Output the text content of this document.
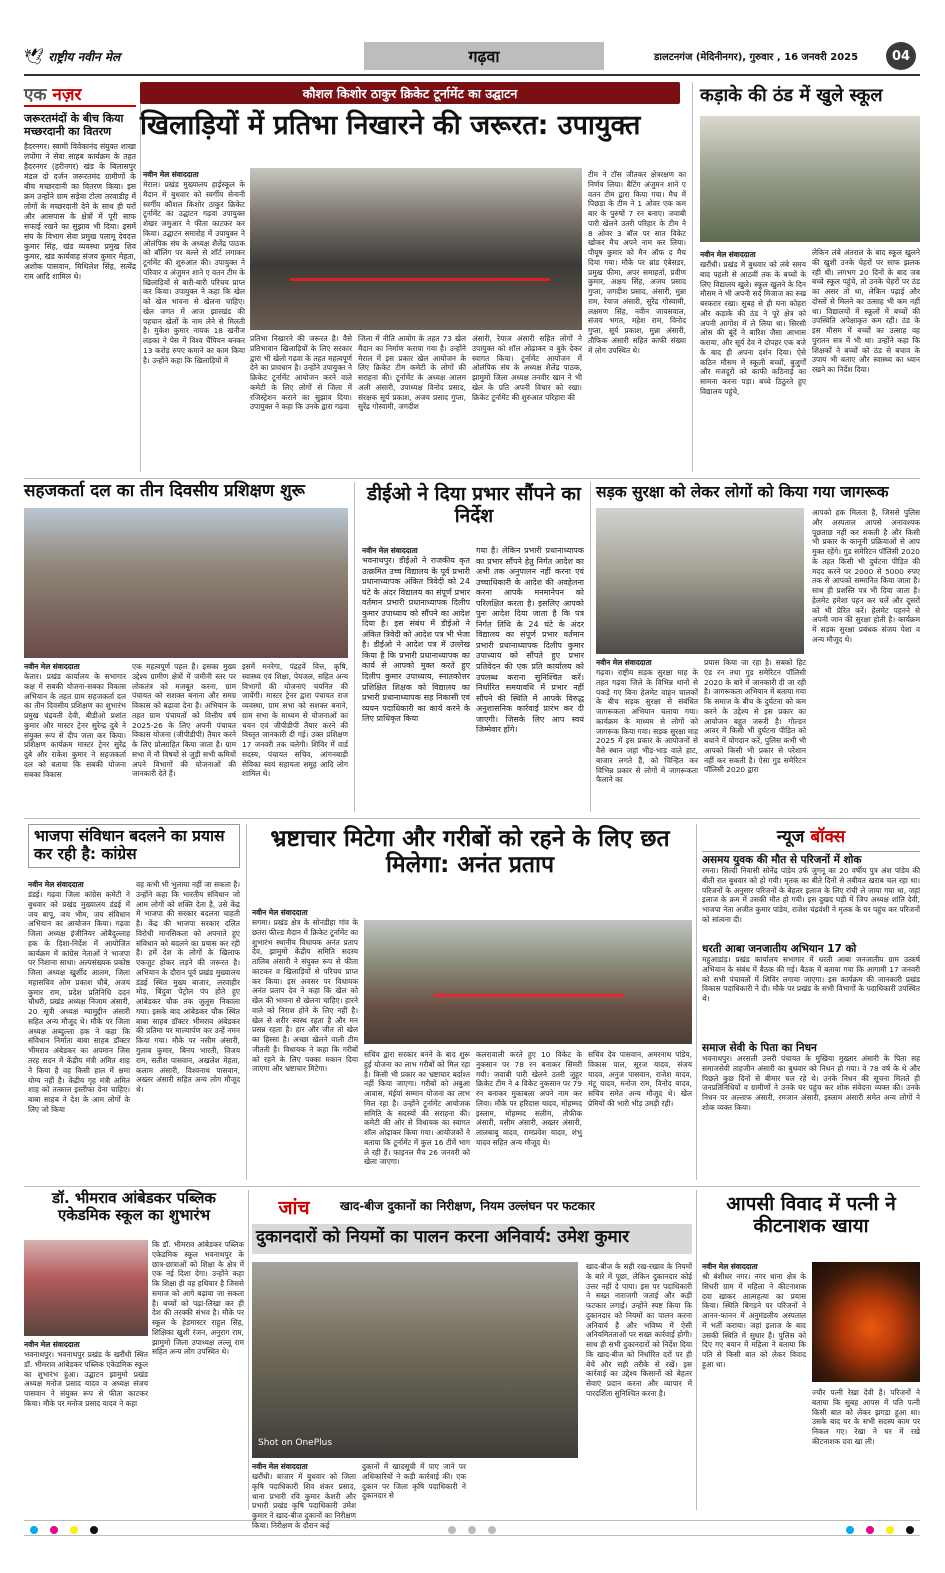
🕊 राष्ट्रीय नवीन मेल	गढ़वा	डालटनगंज (मेदिनीनगर), गुरुवार , 16 जनवरी 2025	04
एक नज़र
जरूरतमंदों के बीच किया मच्छरदानी का वितरण
हैदरनगर। स्वामी विवेकानंद संयुक्त शाखा लपोंगा ने सेवा साहब कार्यक्रम के तहत हैदरनगर (हरीनगर) खंड के बिलासपुर मंडल दो दर्जन जरूरतमंद ग्रामीणों के बीच मच्छरदानी का वितरण किया। इस क्रम उन्होंने ग्राम सड़ेया टोला तरवाडीह में लोगों के मच्छरदानी देने के साथ ही घरों और आसपास के क्षेत्रों में पूरी साफ सफाई रखने का सुझाव भी दिया। इसमें संघ के विभाग सेवा प्रमुख पलामू देवदत्त कुमार सिंह, खंड व्यवस्था प्रमुख शिव कुमार, खंड कार्यवाह संजय कुमार मेहता, अशोक पासवान, मिथिलेश सिंह, सत्येंद्र राम आदि शामिल थे।
कौशल किशोर ठाकुर क्रिकेट टूर्नामेंट का उद्घाटन
खिलाड़ियों में प्रतिभा निखारने की जरूरत: उपायुक्त
नवीन मेल संवाददाता
मेराल। प्रखंड मुख्यालय हाईस्कूल के मैदान में बुधवार को स्वर्गीय सेनानी स्वर्गीय कौशल किशोर ठाकुर क्रिकेट टूर्नामेंट का उद्घाटन गढ़वा उपायुक्त शेखर जमुआर ने फीता काटकर कर किया। उद्घाटन समारोह में उपायुक्त ने ओलंपिक संघ के अध्यक्ष शैलेंद्र पाठक को बॉलिंग पर बल्ले से शॉर्ट लगाकर टूर्नामेंट की शुरुआत की। उपायुक्त ने परिवार व अंजुमन शाने ए वतन टीम के खिलाड़ियों से बारी-बारी परिचय प्राप्त कर किया। उपायुक्त ने कहा कि खेल को खेल भावना से खेलना चाहिए। खेल जगत में आज झारखंड की पहचान खेलों के नाम लेने से मिलती है। मुकेश कुमार नायक 18 खनीज लड़का ने पेस में विश्व चैंपियन बनकर 13 करोड़ रुपए कमाने का काम किया है। उन्होंने कहा कि खिलाड़ियों में
प्रतिभा निखारने की जरूरत है। वैसे प्रतिभावान खिलाड़ियों के लिए सरकार द्वारा भी खेलो गढ़वा के तहत महत्वपूर्ण देने का प्रावधान है। उन्होंने उपायुक्त ने क्रिकेट टूर्नामेंट आयोजन करने वाले कमेटी के लिए लोगों से जिला में रजिस्ट्रेशन कराने का सुझाव दिया। उपायुक्त ने कहा कि उनके द्वारा गढ़वा
जिला में नीति आयोग के तहत 73 खेल मैदान का निर्माण कराया गया है। उन्होंने मेराल में इस प्रकार खेल आयोजन के लिए क्रिकेट टीम कमेटी के लोगों की सराहना की। टूर्नामेंट के अध्यक्ष आलम अली अंसारी, उपाध्यक्ष विनोद प्रसाद, संरक्षक सूर्य प्रकाश, अजय प्रसाद गुप्ता, सुरेंद्र गोस्वामी, जगदीश
अंसारी, रेयाज अंसारी सहित लोगों ने उपायुक्त को शॉल ओढ़ाकर व बुके देकर स्वागत किया। टूर्नामेंट आयोजन में ओलंपिक संघ के अध्यक्ष शैलेंद्र पाठक, झामुमो जिला अध्यक्ष तनवीर खान ने भी खेल के प्रति अपनी विचार को रखा। क्रिकेट टूर्नामेंट की शुरुआत परिहारा की
टीम ने टॉस जीतकर क्षेत्ररक्षण का निर्णय लिया। बैटिंग अंजुमन शाने ए वतन टीम द्वारा किया गया। मैच में पिछड़ा के टीम ने 1 ओवर एक कम बार के पुरुषों 7 रन बनाए। जवाबी पारी खेलने उतरी परिहार के टीम ने 8 ओवर 3 बॉल पर सात विकेट खोकर मैच अपने नाम कर लिया। पीयूष कुमार को मैन ऑफ द मैच दिया गया। मौके पर ब्रांड एंबेसडर, प्रमुख फीमा, अपर समाहर्ता, प्रवीण कुमार, अक्षय सिंह, अजय प्रसाद गुप्ता, जगदीश प्रसाद, अंसारी, मुन्ना राम, रेयाज अंसारी, सुरेंद्र गोस्वामी, लक्षमण सिंह, नवीन जायसवाल, संजय भगत, महेश राम, विनोद गुप्ता, सूर्य प्रकाश, मुन्ना अंसारी, तौफिक अंसारी सहित काफी संख्या में लोग उपस्थित थे।
कड़ाके की ठंड में खुले स्कूल
नवीन मेल संवाददाता
खरौंधी। प्रखंड में बुधवार को लंबे समय बाद पहली से आठवीं तक के बच्चों के लिए विद्यालय खुले। स्कूल खुलने के दिन मौसम ने भी अपनी सर्द मिजाज का रुख बरकरार रखा। सुबह से ही घना कोहरा और कड़ाके की ठंड ने पूरे क्षेत्र को अपनी आगोश में ले लिया था। सिरसी ओस की बूंदें ने बारिश जैसा आभास कराया, और सूर्य देव ने दोपहर एक बजे के बाद ही अपना दर्शन दिया। ऐसे कठिन मौसम में स्कूली बच्चों, बुजुर्गों और मजदूरों को काफी कठिनाई का सामना करना पड़ा। बच्चे ठिठुरते हुए विद्यालय पहुंचे,
लेकिन लंबे अंतराल के बाद स्कूल खुलने की खुशी उनके चेहरों पर साफ झलक रही थी। लगभग 20 दिनों के बाद जब बच्चे स्कूल पहुंचे, तो उनके चेहरों पर ठंड का असर तो था, लेकिन पढ़ाई और दोस्तों से मिलने का उत्साह भी कम नहीं था। विद्यालयों में स्कूलों में बच्चों की उपस्थिति अपेक्षाकृत कम रही। ठंड के इस मौसम में बच्चों का उत्साह वह पुरातन सत्र में भी था। उन्होंने कहा कि शिक्षकों ने बच्चों को ठंड से बचाव के उपाय भी बताए और स्वास्थ्य का ध्यान रखने का निर्देश दिया।
सहजकर्ता दल का तीन दिवसीय प्रशिक्षण शुरू
नवीन मेल संवाददाता
केतार। प्रखंड कार्यालय के सभागार कक्ष में सबकी योजना-सबका विकास अभियान के तहत ग्राम सहजकर्ता दल का तीन दिवसीय प्रशिक्षण का शुभारंभ प्रमुख चंद्रवती देवी, बीडीओ प्रशांत कुमार और मास्टर ट्रेनर सुरेन्द्र दुबे ने संयुक्त रूप से दीप जला कर किया। प्रशिक्षण कार्यक्रम मास्टर ट्रेनर सुरेंद्र दुबे और राकेश कुमार ने सहजकर्ता दल को बताया कि सबकी योजना सबका विकास
एक महत्वपूर्ण पहल है। इसका मुख्य उद्देश्य ग्रामीण क्षेत्रों में जमीनी स्तर पर लोकतंत्र को मजबूत करना, ग्राम पंचायत को सशक्त बनाना और समग्र विकास को बढ़ावा देना है। अभियान के तहत ग्राम पंचायतों को वित्तीय वर्ष 2025-26 के लिए अपनी पंचायत विकास योजना (जीपीडीपी) तैयार करने के लिए प्रोत्साहित किया जाता है। ग्राम सभा में नौ विषयों से जुड़ी सभी कमियों अपने विभागों की योजनाओं की जानकारी देते हैं।
इसमें मनरेगा, पंद्रहवें वित्त, कृषि, स्वास्थ्य एवं शिक्षा, पेयजल, सहित अन्य विभागों की योजनाएं चयनित की जायेंगी। मास्टर ट्रेनर द्वारा पंचायत राज व्यवस्था, ग्राम सभा को सशक्त बनाने, ग्राम सभा के माध्यम से योजनाओं का चयन एवं जीपीडीपी तैयार करने की विस्तृत जानकारी दी गई। उक्त प्रशिक्षण 17 जनवरी तक चलेगी। शिविर में वार्ड सदस्य, पंचायत सचिव, आंगनबाड़ी सेविका स्वयं सहायता समूह आदि लोग शामिल थे।
डीईओ ने दिया प्रभार सौंपने का निर्देश
नवीन मेल संवाददाता
भवनाथपुर। डीईओ ने राजकीय कृत उत्क्रमित उच्च विद्यालय के पूर्व प्रभारी प्रधानाध्यापक अंकित त्रिवेदी को 24 घंटे के अंदर विद्यालय का संपूर्ण प्रभार वर्तमान प्रभारी प्रधानाध्यापक दिलीप कुमार उपाध्याय को सौंपने का आदेश दिया है। इस संबंध में डीईओ ने अंकित त्रिवेदी को आदेश पत्र भी भेजा है। डीईओ ने आदेश पत्र में उल्लेख किया है कि प्रभारी प्रधानाध्यापक का कार्य से आपको मुक्त करते हुए दिलीप कुमार उपाध्याय, स्नातकोत्तर प्रशिक्षित शिक्षक को विद्यालय का प्रभारी प्रधानाध्यापक सह निकासी एवं व्ययन पदाधिकारी का कार्य करने के लिए प्राधिकृत किया
गया है। लेकिन प्रभारी प्रधानाध्यापक का प्रभार सौंपने हेतु निर्गत आदेश का अभी तक अनुपालन नहीं करना एवं उच्चाधिकारी के आदेश की अवहेलना करना आपके मनमानेपन को परिलक्षित करता है। इसलिए आपको पुनः आदेश दिया जाता है कि पत्र निर्गत तिथि के 24 घंटे के अंदर विद्यालय का संपूर्ण प्रभार वर्तमान प्रभारी प्रधानाध्यापक दिलीप कुमार उपाध्याय को सौंपते हुए प्रभार प्रतिवेदन की एक प्रति कार्यालय को उपलब्ध कराना सुनिश्चित करें। निर्धारित समयावधि में प्रभार नहीं सौंपने की स्थिति में आपके विरुद्ध अनुशासनिक कार्रवाई प्रारंभ कर दी जाएगी। जिसके लिए आप स्वयं जिम्मेवार होंगे।
सड़क सुरक्षा को लेकर लोगों को किया गया जागरूक
नवीन मेल संवाददाता
गढ़वा। राष्ट्रीय सड़क सुरक्षा माह के तहत गढ़वा जिले के विभिन्न थानों से पकड़े गए बिना हेलमेट वाहन चालकों के बीच सड़क सुरक्षा से संबंधित जागरूकता अभियान चलाया गया। कार्यक्रम के माध्यम से लोगों को जागरूक किया गया। सड़क सुरक्षा माह 2025 में इस प्रकार के आयोजनों से वैसे स्थान जहां भीड़-भाड़ वाले हाट, बाजार लगते हैं, को चिन्हित कर विभिन्न प्रकार से लोगों में जागरूकता फैलाने का
प्रयास किया जा रहा है। सबको हिट एंड रन तथा गुड समेरिटन पॉलिसी 2020 के बारे में जानकारी दी जा रही है। जागरूकता अभियान में बताया गया कि समाज के बीच के दुर्घटना को कम करने के उद्देश्य से इस प्रकार का आयोजन बहुत जरूरी है। गोल्डन आवर में किसी भी दुर्घटना पीड़ित को बचाने में योगदान करें, पुलिस कभी भी आपको किसी भी प्रकार से परेशान नहीं कर सकती है। ऐसा गुड समेरिटन पॉलिसी 2020 द्वारा
आपको हक मिलता है, जिससे पुलिस और अस्पताल आपसे अनावश्यक पूछताछ नहीं कर सकती है और किसी भी प्रकार के कानूनी प्रक्रियाओं से आप मुक्त रहेंगे। गुड समेरिटन पॉलिसी 2020 के तहत किसी भी दुर्घटना पीड़ित की मदद करने पर 2000 से 5000 रुपए तक से आपको सम्मानित किया जाता है। साथ ही प्रशस्ति पत्र भी दिया जाता है। हेलमेट हमेशा पहन कर चलें और दूसरों को भी प्रेरित करें। हेलमेट पहनने से अपनी जान की सुरक्षा होती है। कार्यक्रम में सड़क सुरक्षा प्रबंधक संजय पेशा व अन्य मौजूद थे।
भाजपा संविधान बदलने का प्रयास कर रही है: कांग्रेस
नवीन मेल संवाददाता
डंडई। गढ़वा जिला कांग्रेस कमेटी ने बुधवार को प्रखंड मुख्यालय डंडई में जय बापू, जय भीम, जय संविधान अभियान का आयोजन किया। गढ़वा जिला अध्यक्ष इंजीनियर ओबैदुल्लाह हक के दिशा-निर्देश में आयोजित कार्यक्रम में कांग्रेस नेताओं ने भाजपा पर निशाना साधा। अल्पसंख्यक प्रकोष्ठ जिला अध्यक्ष खुर्शीद आलम, जिला महासचिव ओम प्रकाश चौबे, अजय कुमार राम, प्रदेश प्रतिनिधि ददन चौधरी, प्रखंड अध्यक्ष निजाम अंसारी, 20 सूत्री अध्यक्ष म्यामुद्दीन अंसारी सहित अन्य मौजूद थे। मौके पर जिला अध्यक्ष अब्दुल्ला हक ने कहा कि संविधान निर्माता बाबा साहब डॉक्टर भीमराव अंबेडकर का अपमान जिस तरह सदन में केंद्रीय मंत्री अमित शाह ने किया है वह किसी हाल में क्षमा योग्य नहीं है। केंद्रीय गृह मंत्री अमित शाह को तत्काल इस्तीफा देना चाहिए। बाबा साहब ने देश के आम लोगों के लिए जो किया
वह कभी भी भुलाया नहीं जा सकता है। उन्होंने कहा कि भारतीय संविधान जो आम लोगों को शक्ति देता है, उसे केंद्र में भाजपा की सरकार बदलना चाहती है। केंद्र की भाजपा सरकार दलित विरोधी मानसिकता को अपनाते हुए संविधान को बदलने का प्रयास कर रही है। हमें देश के लोगों के खिलाफ एकजुट होकर लड़ने की जरूरत है। अभियान के दौरान पूर्व प्रखंड मुख्यालय डंडई स्थित मुख्य बाजार, लरवाहीर मोड़, बिंदुवा पेट्रोल पंप होते हुए आंबेडकर चौक तक जुलूस निकाला गया। इसके बाद आंबेडकर चौक स्थित बाबा साहब डॉक्टर भीमराव अंबेडकर की प्रतिमा पर माल्यार्पण कर उन्हें नमन किया गया। मौके पर नसीम अंसारी, गुलाब कुमार, बिनय भारती, विजय राम, सतीश पासवान, अखलेश मेहता, कलाम अंसारी, विश्वनाथ पासवान, अख्तर अंसारी सहित अन्य लोग मौजूद थे।
भ्रष्टाचार मिटेगा और गरीबों को रहने के लिए छत मिलेगा: अनंत प्रताप
नवीन मेल संवाददाता
सगमा। प्रखंड क्षेत्र के सोनडीहा गांव के छतरा फील्ड मैदान में क्रिकेट टूर्नामेंट का शुभारंभ स्थानीय विधायक अनंत प्रताप देव, झामुमो केंद्रीय समिति सदस्य तालिब अंसारी ने संयुक्त रूप से फीता काटकर व खिलाड़ियों से परिचय प्राप्त कर किया। इस अवसर पर विधायक अनंत प्रताप देव ने कहा कि खेल को खेल की भावना से खेलना चाहिए। हारने वाले को निराश होने के लिए नहीं है। खेल से शरीर स्वस्थ रहता है और मन प्रसन्न रहता है। हार और जीत तो खेल का हिस्सा है। अच्छा खेलने वाली टीम जीतती है। विधायक ने कहा कि गरीबों को रहने के लिए पक्का मकान दिया जाएगा और भ्रष्टाचार मिटेगा।
सचिव द्वारा सरकार बनने के बाद शुरू हुई योजना का लाभ गरीबों को मिल रहा है। किसी भी प्रकार का भ्रष्टाचार बर्दाश्त नहीं किया जाएगा। गरीबों को अबुआ आवास, मंईयां सम्मान योजना का लाभ मिल रहा है। उन्होंने टूर्नामेंट आयोजक समिति के सदस्यों की सराहना की। कमेटी की ओर से विधायक का स्वागत शॉल ओढ़ाकर किया गया। आयोजकों ने बताया कि टूर्नामेंट में कुल 16 टीमें भाग ले रही हैं। फाइनल मैच 26 जनवरी को खेला जाएगा।
कलरावाली करते हुए 10 विकेट के नुकसान पर 78 रन बनाकर सिमरी गयी। जवाबी पारी खेलने उतरी जुहूर क्रिकेट टीम ने 4 विकेट नुकसान पर 79 रन बनाकर मुकाबला अपने नाम कर लिया। मौके पर हरिदास यादव, मोहम्मद इस्लाम, मोहम्मद सलीम, तौफीक अंसारी, वसीम अंसारी, अख्तर अंसारी, लालबाबू यादव, रामप्रवेश यादव, शंभु यादव सहित अन्य मौजूद थे।
सचिव देव पासवान, अमरनाथ पांडेय, विकास पाल, सूरज यादव, संजय यादव, अनुज पासवान, राजेश यादव, मंटू यादव, मनोज राम, विनोद यादव, सचिव समेत अन्य मौजूद थे। खेल प्रेमियों की भारी भीड़ उमड़ी रही।
न्यूज बॉक्स
असमय युवक की मौत से परिजनों में शोक
रमना। सिल्दी निवासी सोनेंद्र पांडेय उर्फ जुगनू का 20 वर्षीय पुत्र अंश पांडेय की बीती रात बुधवार को हो गयी। मृतक का बीते दिनों से तबीयत खराब चल रहा था। परिजनों के अनुसार परिजनों के बेहतर इलाज के लिए रांची ले जाया गया था, जहां इलाज के क्रम में उसकी मौत हो गयी। इस दुखद घड़ी में जिप अध्यक्ष शांति देवी, भाजपा नेता अजीत कुमार पांडेय, राजेश चंद्रवंशी ने मृतक के घर पहुंच कर परिजनों को सांत्वना दी।
धरती आबा जनजातीय अभियान 17 को
महुआडांड़। प्रखंड कार्यालय सभागार में धरती आबा जनजातीय ग्राम उत्कर्ष अभियान के संबंध में बैठक की गई। बैठक में बताया गया कि आगामी 17 जनवरी को सभी पंचायतों में शिविर लगाया जाएगा। इस कार्यक्रम की जानकारी प्रखंड विकास पदाधिकारी ने दी। मौके पर प्रखंड के सभी विभागों के पदाधिकारी उपस्थित थे।
समाज सेवी के पिता का निधन
भवनाथपुर। अरसली उत्तरी पंचायत के मुखिया मुख्तार अंसारी के पिता सह समाजसेवी ताहजीन अंसारी का बुधवार को निधन हो गया। वे 78 वर्ष के थे और पिछले कुछ दिनों से बीमार चल रहे थे। उनके निधन की सूचना मिलते ही जनप्रतिनिधियों व ग्रामीणों ने उनके घर पहुंच कर शोक संवेदना व्यक्त की। उनके निधन पर अल्ताफ अंसारी, रमजान अंसारी, इस्लाम अंसारी समेत अन्य लोगों ने शोक व्यक्त किया।
डॉ. भीमराव आंबेडकर पब्लिक एकेडमिक स्कूल का शुभारंभ
नवीन मेल संवाददाता
भवनाथपुर। भवनाथपुर प्रखंड के खरौंधी स्थित डॉ. भीमराव आंबेडकर पब्लिक एकेडमिक स्कूल का शुभारंभ हुआ। उद्घाटन झामुमो प्रखंड अध्यक्ष मनोज प्रसाद यादव व अध्यक्ष संजय पासवान ने संयुक्त रूप से फीता काटकर किया। मौके पर मनोज प्रसाद यादव ने कहा
कि डॉ. भीमराव आंबेडकर पब्लिक एकेडमिक स्कूल भवनाथपुर के छात्र-छात्राओं को शिक्षा के क्षेत्र में एक नई दिशा देगा। उन्होंने कहा कि शिक्षा ही वह हथियार है जिससे समाज को आगे बढ़ाया जा सकता है। बच्चों को पढ़ा-लिखा कर ही देश की तरक्की संभव है। मौके पर स्कूल के हेडमास्टर राहुल सिंह, शिक्षिका खुशी रंजन, अनुराग राम, झामुमो जिला उपाध्यक्ष लल्लू राम सहित अन्य लोग उपस्थित थे।
जांच	खाद-बीज दुकानों का निरीक्षण, नियम उल्लंघन पर फटकार
दुकानदारों को नियमों का पालन करना अनिवार्य: उमेश कुमार
Shot on OnePlus
नवीन मेल संवाददाता
खरौंधी। बाजार में बुधवार को जिला कृषि पदाधिकारी शिव शंकर प्रसाद, थाना प्रभारी रवि कुमार केशरी और प्रभारी प्रखंड कृषि पदाधिकारी उमेश कुमार ने खाद-बीज दुकानों का निरीक्षण किया। निरीक्षण के दौरान कई
दुकानों में खादसूची में पाए जाने पर अधिकारियों ने कड़ी कार्रवाई की। एक दुकान पर जिला कृषि पदाधिकारी ने दुकानदार से
खाद-बीज के सही रख-रखाव के नियमों के बारे में पूछा, लेकिन दुकानदार कोई उत्तर नहीं दे पाया। इस पर पदाधिकारी ने सख्त नाराजगी जताई और कड़ी फटकार लगाई। उन्होंने स्पष्ट किया कि दुकानदार को नियमों का पालन करना अनिवार्य है और भविष्य में ऐसी अनियमितताओं पर सख्त कार्रवाई होगी। साथ ही सभी दुकानदारों को निर्देश दिया कि खाद-बीज को निर्धारित दरों पर ही बेचें और सही तरीके से रखें। इस कार्रवाई का उद्देश्य किसानों को बेहतर सेवाएं प्रदान करना और व्यापार में पारदर्शिता सुनिश्चित करना है।
आपसी विवाद में पत्नी ने कीटनाशक खाया
नवीन मेल संवाददाता
श्री बंशीधर नगर। नगर थाना क्षेत्र के सिधरी ग्राम में महिला ने कीटनाशक दवा खाकर आत्महत्या का प्रयास किया। स्थिति बिगड़ने पर परिजनों ने आनन-फानन में अनुमंडलीय अस्पताल में भर्ती कराया। जहां इलाज के बाद उसकी स्थिति में सुधार है। पुलिस को दिए गए बयान में महिला ने बताया कि पति से किसी बात को लेकर विवाद हुआ था।
ज्यौर पत्नी रेखा देवी है। परिजनों ने बताया कि सुबह आपस में पति पत्नी किसी बात को लेकर झगड़ा हुआ था। उसके बाद घर के सभी सदस्य काम पर निकल गए। रेखा ने घर में रखे कीटनाशक दवा खा ली।
